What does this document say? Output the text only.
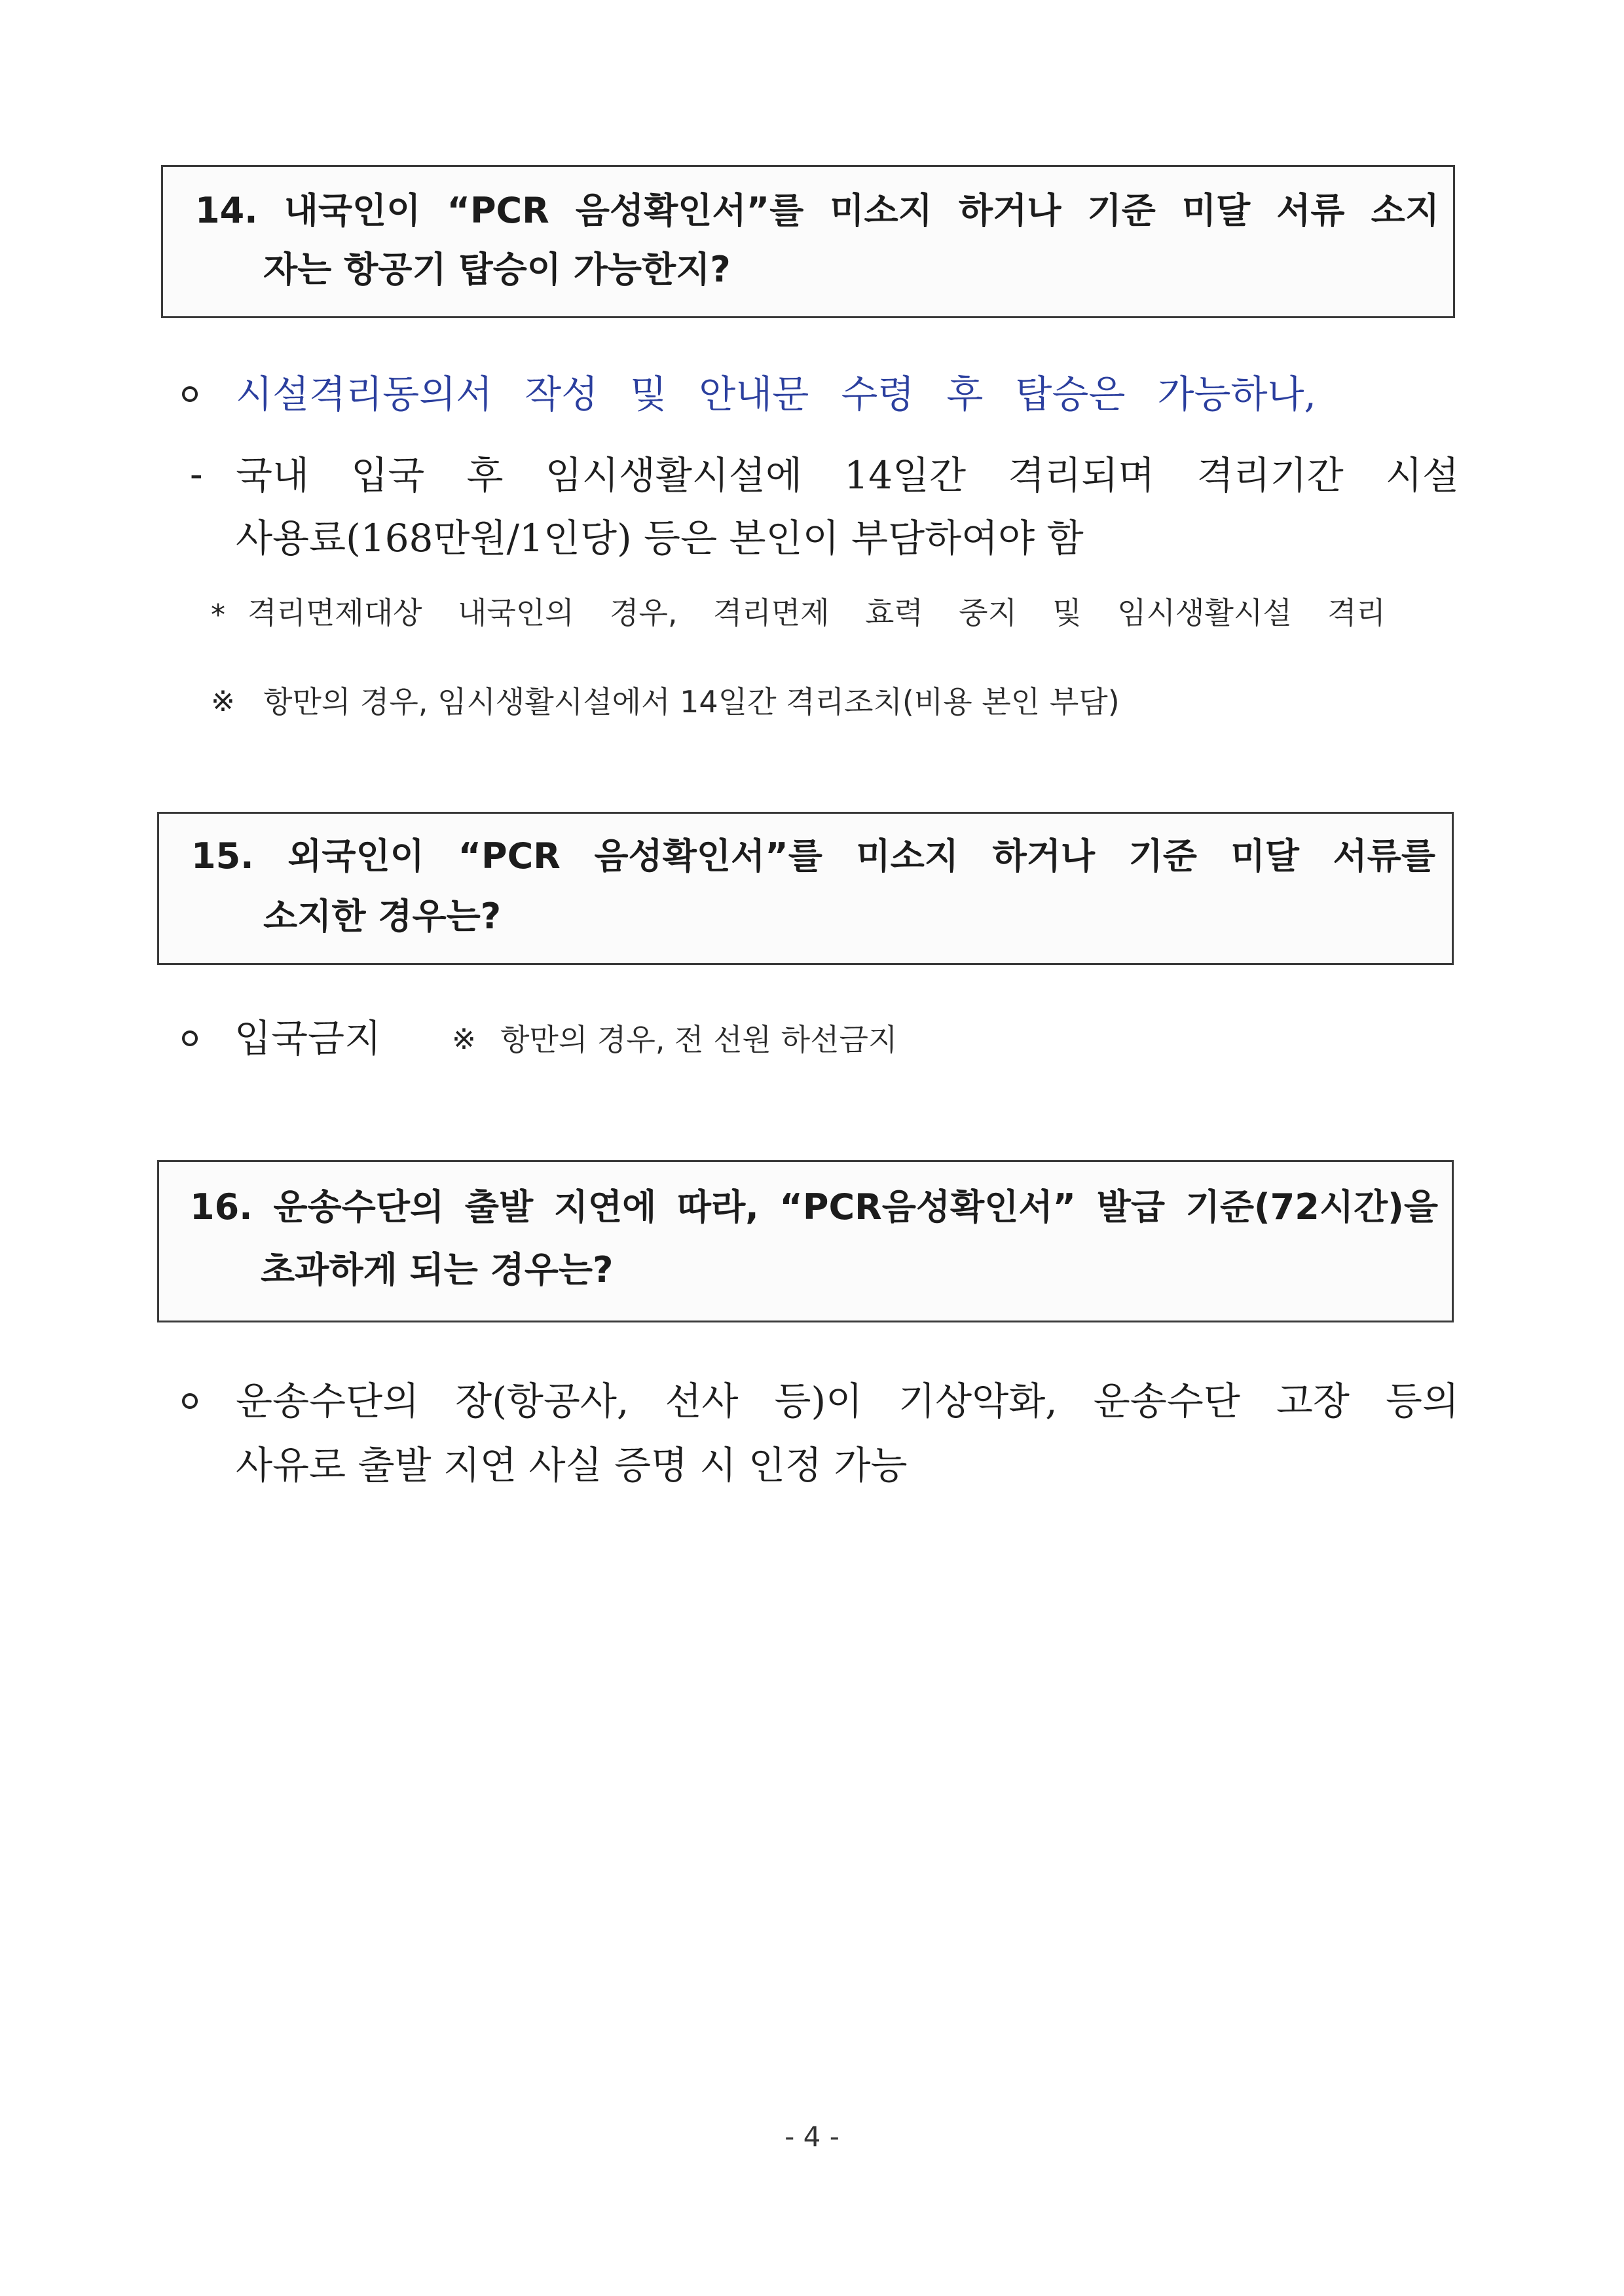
14. 내국인이 “PCR 음성확인서”를 미소지 하거나 기준 미달 서류 소지
자는 항공기 탑승이 가능한지?
시설격리동의서 작성 및 안내문 수령 후 탑승은 가능하나,
- 국내 입국 후 임시생활시설에 14일간 격리되며 격리기간 시설
사용료(168만원/1인당) 등은 본인이 부담하여야 함
* 격리면제대상 내국인의 경우, 격리면제 효력 중지 및 임시생활시설 격리
※ 항만의 경우, 임시생활시설에서 14일간 격리조치(비용 본인 부담)
15. 외국인이 “PCR 음성확인서”를 미소지 하거나 기준 미달 서류를
소지한 경우는?
입국금지 ※ 항만의 경우, 전 선원 하선금지
16. 운송수단의 출발 지연에 따라, “PCR음성확인서” 발급 기준(72시간)을
초과하게 되는 경우는?
운송수단의 장(항공사, 선사 등)이 기상악화, 운송수단 고장 등의
사유로 출발 지연 사실 증명 시 인정 가능
- 4 -
